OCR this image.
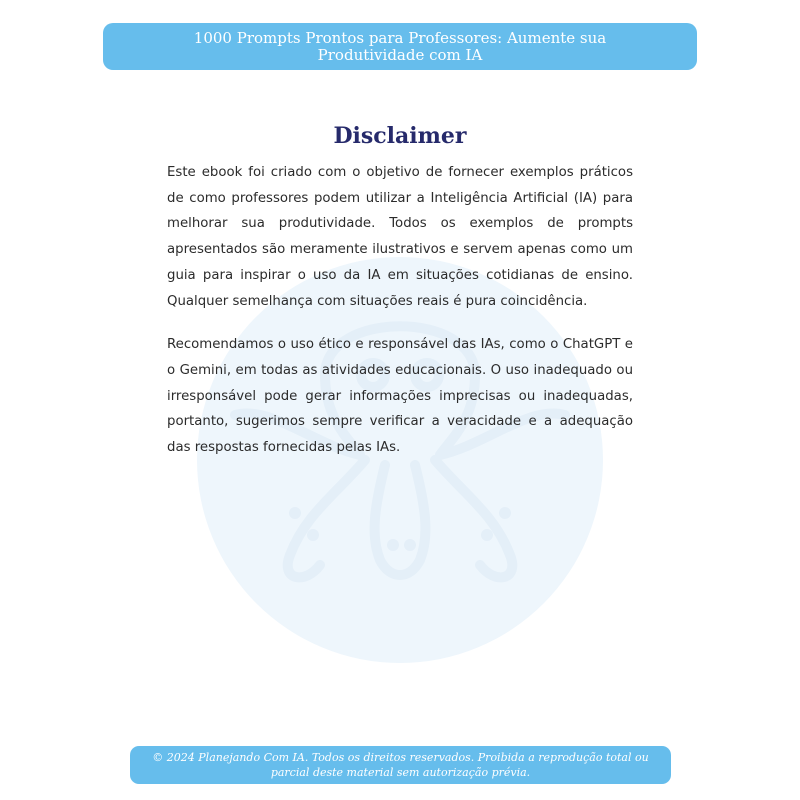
1000 Prompts Prontos para Professores: Aumente sua Produtividade com IA
Disclaimer

Este ebook foi criado com o objetivo de fornecer exemplos práticos de como professores podem utilizar a Inteligência Artificial (IA) para melhorar sua produtividade. Todos os exemplos de prompts apresentados são meramente ilustrativos e servem apenas como um guia para inspirar o uso da IA em situações cotidianas de ensino. Qualquer semelhança com situações reais é pura coincidência.

Recomendamos o uso ético e responsável das IAs, como o ChatGPT e o Gemini, em todas as atividades educacionais. O uso inadequado ou irresponsável pode gerar informações imprecisas ou inadequadas, portanto, sugerimos sempre verificar a veracidade e a adequação das respostas fornecidas pelas IAs.

© 2024 Planejando Com IA. Todos os direitos reservados. Proibida a reprodução total ou parcial deste material sem autorização prévia.
